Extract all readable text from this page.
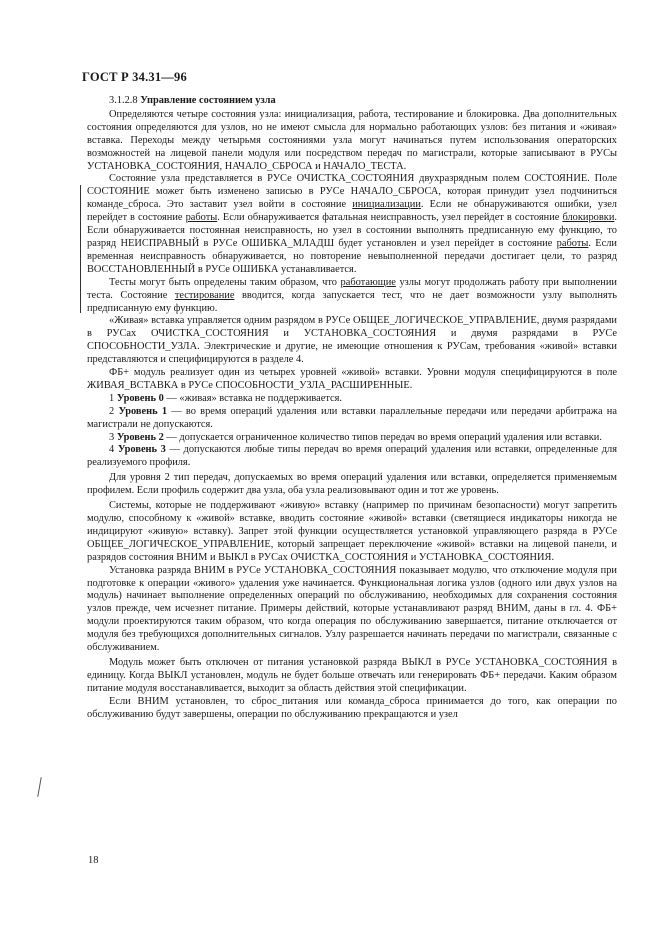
ГОСТ Р 34.31—96

3.1.2.8 Управление состоянием узла

Определяются четыре состояния узла: инициализация, работа, тестирование и блокировка. Два дополнительных состояния определяются для узлов, но не имеют смысла для нормально работающих узлов: без питания и «живая» вставка. Переходы между четырьмя состояниями узла могут начинаться путем использования операторских возможностей на лицевой панели модуля или посредством передач по магистрали, которые записывают в РУСы УСТАНОВКА_СОСТОЯНИЯ, НАЧАЛО_СБРОСА и НАЧАЛО_ТЕСТА.

Состояние узла представляется в РУСе ОЧИСТКА_СОСТОЯНИЯ двухразрядным полем СОСТОЯНИЕ. Поле СОСТОЯНИЕ может быть изменено записью в РУСе НАЧАЛО_СБРОСА, которая принудит узел подчиниться команде_сброса. Это заставит узел войти в состояние инициализации. Если не обнаруживаются ошибки, узел перейдет в состояние работы. Если обнаруживается фатальная неисправность, узел перейдет в состояние блокировки. Если обнаруживается постоянная неисправность, но узел в состоянии выполнять предписанную ему функцию, то разряд НЕИСПРАВНЫЙ в РУСе ОШИБКА_МЛАДШ будет установлен и узел перейдет в состояние работы. Если временная неисправность обнаруживается, но повторение невыполненной передачи достигает цели, то разряд ВОССТАНОВЛЕННЫЙ в РУСе ОШИБКА устанавливается.

Тесты могут быть определены таким образом, что работающие узлы могут продолжать работу при выполнении теста. Состояние тестирование вводится, когда запускается тест, что не дает возможности узлу выполнять предписанную ему функцию.

«Живая» вставка управляется одним разрядом в РУСе ОБЩЕЕ_ЛОГИЧЕСКОЕ_УПРАВЛЕНИЕ, двумя разрядами в РУСах ОЧИСТКА_СОСТОЯНИЯ и УСТАНОВКА_СОСТОЯНИЯ и двумя разрядами в РУСе СПОСОБНОСТИ_УЗЛА. Электрические и другие, не имеющие отношения к РУСам, требования «живой» вставки представляются и специфицируются в разделе 4.

ФБ+ модуль реализует один из четырех уровней «живой» вставки. Уровни модуля специфицируются в поле ЖИВАЯ_ВСТАВКА в РУСе СПОСОБНОСТИ_УЗЛА_РАСШИРЕННЫЕ.

1 Уровень 0 — «живая» вставка не поддерживается.

2 Уровень 1 — во время операций удаления или вставки параллельные передачи или передачи арбитража на магистрали не допускаются.

3 Уровень 2 — допускается ограниченное количество типов передач во время операций удаления или вставки.

4 Уровень 3 — допускаются любые типы передач во время операций удаления или вставки, определенные для реализуемого профиля.

Для уровня 2 тип передач, допускаемых во время операций удаления или вставки, определяется применяемым профилем. Если профиль содержит два узла, оба узла реализовывают один и тот же уровень.

Системы, которые не поддерживают «живую» вставку (например по причинам безопасности) могут запретить модулю, способному к «живой» вставке, вводить состояние «живой» вставки (светящиеся индикаторы никогда не индицируют «живую» вставку). Запрет этой функции осуществляется установкой управляющего разряда в РУСе ОБЩЕЕ_ЛОГИЧЕСКОЕ_УПРАВЛЕНИЕ, который запрещает переключение «живой» вставки на лицевой панели, и разрядов состояния ВНИМ и ВЫКЛ в РУСах ОЧИСТКА_СОСТОЯНИЯ и УСТАНОВКА_СОСТОЯНИЯ.

Установка разряда ВНИМ в РУСе УСТАНОВКА_СОСТОЯНИЯ показывает модулю, что отключение модуля при подготовке к операции «живого» удаления уже начинается. Функциональная логика узлов (одного или двух узлов на модуль) начинает выполнение определенных операций по обслуживанию, необходимых для сохранения состояния узлов прежде, чем исчезнет питание. Примеры действий, которые устанавливают разряд ВНИМ, даны в гл. 4. ФБ+ модули проектируются таким образом, что когда операция по обслуживанию завершается, питание отключается от модуля без требующихся дополнительных сигналов. Узлу разрешается начинать передачи по магистрали, связанные с обслуживанием.

Модуль может быть отключен от питания установкой разряда ВЫКЛ в РУСе УСТАНОВКА_СОСТОЯНИЯ в единицу. Когда ВЫКЛ установлен, модуль не будет больше отвечать или генерировать ФБ+ передачи. Каким образом питание модуля восстанавливается, выходит за область действия этой спецификации.

Если ВНИМ установлен, то сброс_питания или команда_сброса принимается до того, как операции по обслуживанию будут завершены, операции по обслуживанию прекращаются и узел

18
